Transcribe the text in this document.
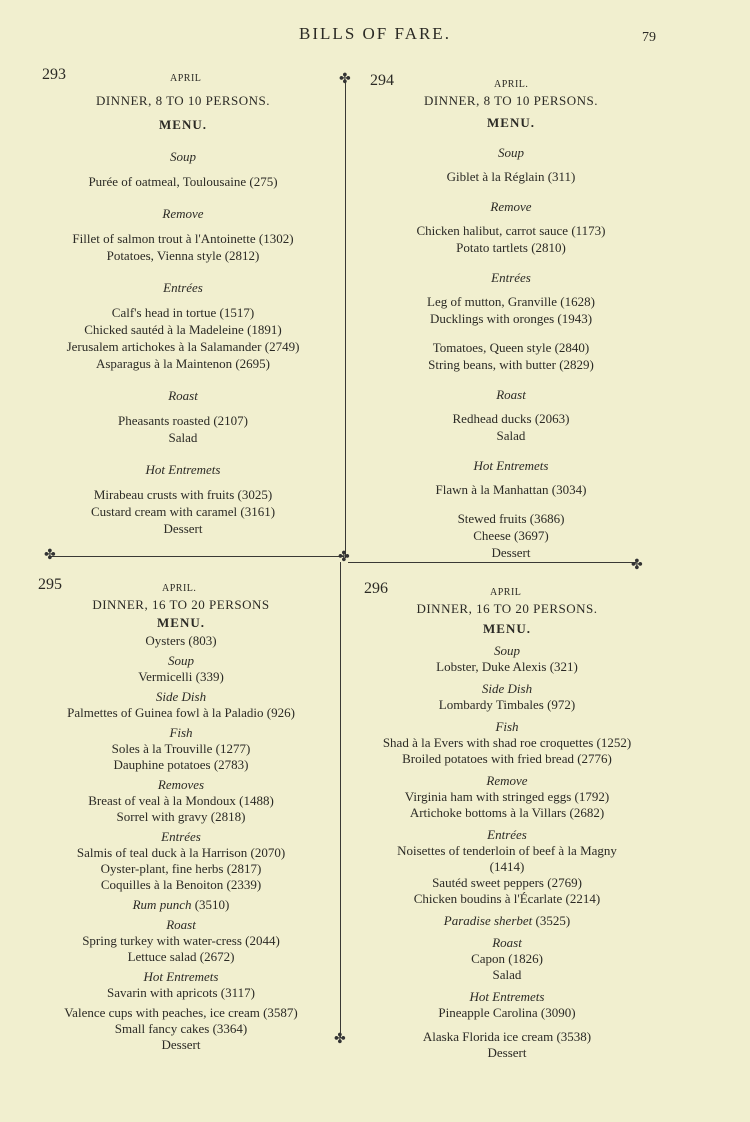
BILLS OF FARE.	79
✤
✤	✤
✤
✤
293	APRIL
DINNER, 8 TO 10 PERSONS.
MENU.
Soup
Purée of oatmeal, Toulousaine (275)
Remove
Fillet of salmon trout à l'Antoinette (1302)
Potatoes, Vienna style (2812)
Entrées
Calf's head in tortue (1517)
Chicked sautéd à la Madeleine (1891)
Jerusalem artichokes à la Salamander (2749)
Asparagus à la Maintenon (2695)
Roast
Pheasants roasted (2107)
Salad
Hot Entremets
Mirabeau crusts with fruits (3025)
Custard cream with caramel (3161)
Dessert
294	APRIL.
DINNER, 8 TO 10 PERSONS.
MENU.
Soup
Giblet à la Réglain (311)
Remove
Chicken halibut, carrot sauce (1173)
Potato tartlets (2810)
Entrées
Leg of mutton, Granville (1628)
Ducklings with oronges (1943)
Tomatoes, Queen style (2840)
String beans, with butter (2829)
Roast
Redhead ducks (2063)
Salad
Hot Entremets
Flawn à la Manhattan (3034)
Stewed fruits (3686)
Cheese (3697)
Dessert
295	APRIL.
DINNER, 16 TO 20 PERSONS
MENU.
Oysters (803)
Soup
Vermicelli (339)
Side Dish
Palmettes of Guinea fowl à la Paladio (926)
Fish
Soles à la Trouville (1277)
Dauphine potatoes (2783)
Removes
Breast of veal à la Mondoux (1488)
Sorrel with gravy (2818)
Entrées
Salmis of teal duck à la Harrison (2070)
Oyster-plant, fine herbs (2817)
Coquilles à la Benoiton (2339)
Rum punch (3510)
Roast
Spring turkey with water-cress (2044)
Lettuce salad (2672)
Hot Entremets
Savarin with apricots (3117)
Valence cups with peaches, ice cream (3587)
Small fancy cakes (3364)
Dessert
296	APRIL
DINNER, 16 TO 20 PERSONS.
MENU.
Soup
Lobster, Duke Alexis (321)
Side Dish
Lombardy Timbales (972)
Fish
Shad à la Evers with shad roe croquettes (1252)
Broiled potatoes with fried bread (2776)
Remove
Virginia ham with stringed eggs (1792)
Artichoke bottoms à la Villars (2682)
Entrées
Noisettes of tenderloin of beef à la Magny
(1414)
Sautéd sweet peppers (2769)
Chicken boudins à l'Écarlate (2214)
Paradise sherbet (3525)
Roast
Capon (1826)
Salad
Hot Entremets
Pineapple Carolina (3090)
Alaska Florida ice cream (3538)
Dessert
